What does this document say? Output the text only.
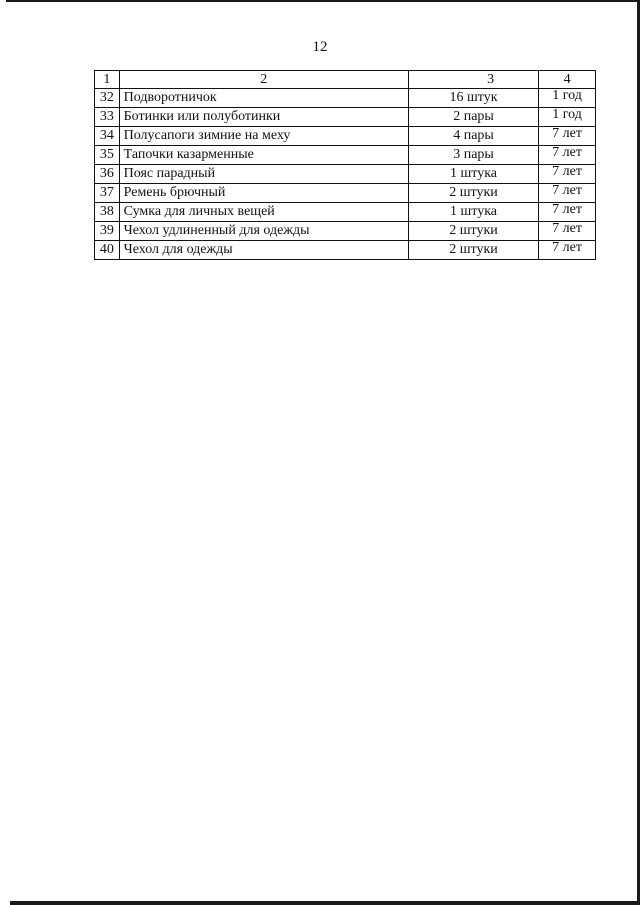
12
1	2	3	4
32	Подворотничок	16 штук	1 год
33	Ботинки или полуботинки	2 пары	1 год
34	Полусапоги зимние на меху	4 пары	7 лет
35	Тапочки казарменные	3 пары	7 лет
36	Пояс парадный	1 штука	7 лет
37	Ремень брючный	2 штуки	7 лет
38	Сумка для личных вещей	1 штука	7 лет
39	Чехол удлиненный для одежды	2 штуки	7 лет
40	Чехол для одежды	2 штуки	7 лет
